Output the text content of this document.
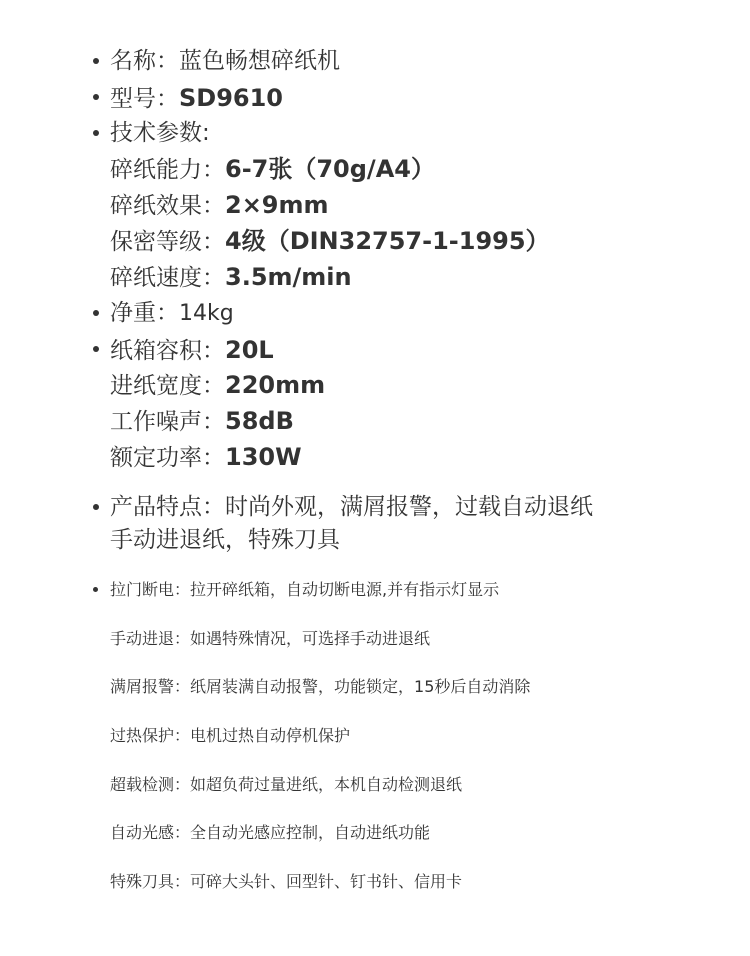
名称：蓝色畅想碎纸机
型号：SD9610
技术参数:
碎纸能力：6-7张（70g/A4）
碎纸效果：2×9mm
保密等级：4级（DIN32757-1-1995）
碎纸速度：3.5m/min
净重：14kg
纸箱容积：20L
进纸宽度：220mm
工作噪声：58dB
额定功率：130W
产品特点：时尚外观，满屑报警，过载自动退纸
手动进退纸，特殊刀具
拉门断电：拉开碎纸箱，自动切断电源,并有指示灯显示
手动进退：如遇特殊情况，可选择手动进退纸
满屑报警：纸屑装满自动报警，功能锁定，15秒后自动消除
过热保护：电机过热自动停机保护
超载检测：如超负荷过量进纸，本机自动检测退纸
自动光感：全自动光感应控制，自动进纸功能
特殊刀具：可碎大头针、回型针、钉书针、信用卡
